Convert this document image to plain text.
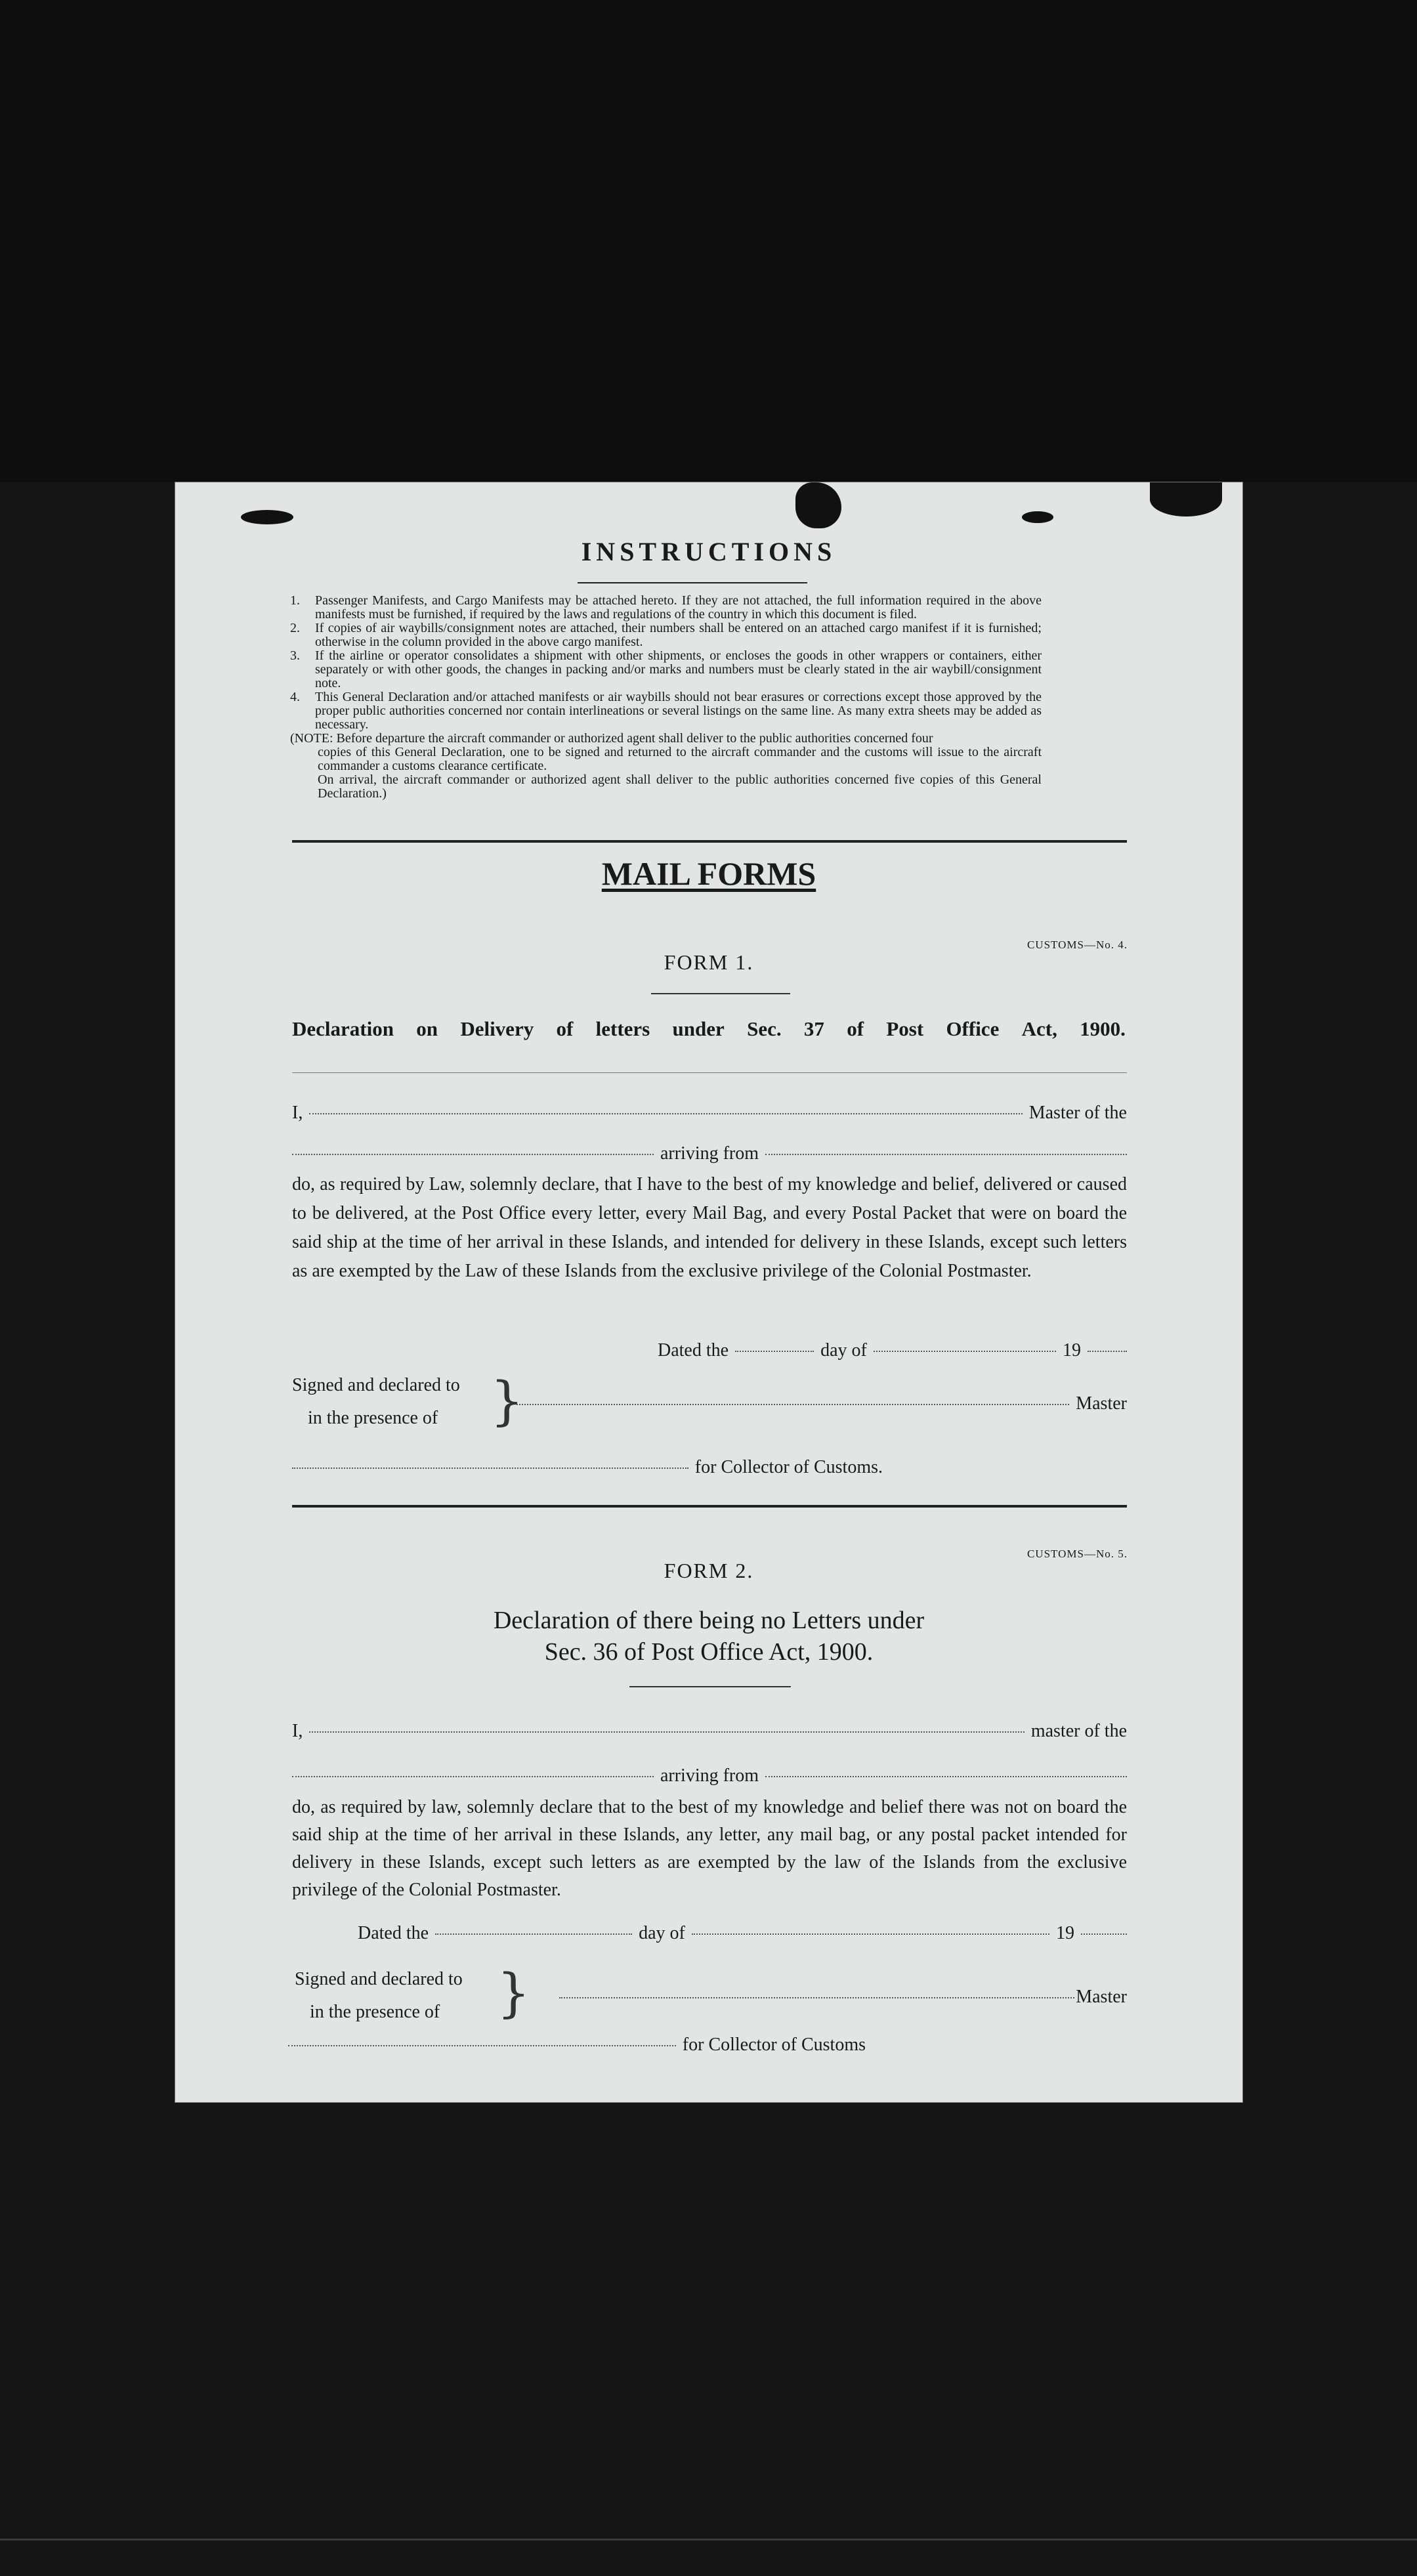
INSTRUCTIONS
1.	Passenger Manifests, and Cargo Manifests may be attached hereto. If they are not attached, the full information required in the above manifests must be furnished, if required by the laws and regulations of the country in which this document is filed.
2.	If copies of air waybills/consignment notes are attached, their numbers shall be entered on an attached cargo manifest if it is furnished; otherwise in the column provided in the above cargo manifest.
3.	If the airline or operator consolidates a shipment with other shipments, or encloses the goods in other wrappers or containers, either separately or with other goods, the changes in packing and/or marks and numbers must be clearly stated in the air waybill/consignment note.
4.	This General Declaration and/or attached manifests or air waybills should not bear erasures or corrections except those approved by the proper public authorities concerned nor contain interlineations or several listings on the same line. As many extra sheets may be added as necessary.
(NOTE: Before departure the aircraft commander or authorized agent shall deliver to the public authorities concerned four
copies of this General Declaration, one to be signed and returned to the aircraft commander and the customs will issue to the aircraft commander a customs clearance certificate.
On arrival, the aircraft commander or authorized agent shall deliver to the public authorities concerned five copies of this General Declaration.)
MAIL FORMS
CUSTOMS—No. 4.
FORM 1.
Declaration on Delivery of letters under Sec. 37 of Post Office Act, 1900.
I,	Master of the
arriving from
do, as required by Law, solemnly declare, that I have to the best of my knowledge and belief, delivered or caused to be delivered, at the Post Office every letter, every Mail Bag, and every Postal Packet that were on board the said ship at the time of her arrival in these Islands, and intended for delivery in these Islands, except such letters as are exempted by the Law of these Islands from the exclusive privilege of the Colonial Postmaster.
Dated the	day of	19
Signed and declared to
in the presence of }	Master
for Collector of Customs.
CUSTOMS—No. 5.
FORM 2.
Declaration of there being no Letters under
Sec. 36 of Post Office Act, 1900.
I,	master of the
arriving from
do, as required by law, solemnly declare that to the best of my knowledge and belief there was not on board the said ship at the time of her arrival in these Islands, any letter, any mail bag, or any postal packet intended for delivery in these Islands, except such letters as are exempted by the law of the Islands from the exclusive privilege of the Colonial Postmaster.
Dated the	day of	19
Signed and declared to
in the presence of }	Master
for Collector of Customs
